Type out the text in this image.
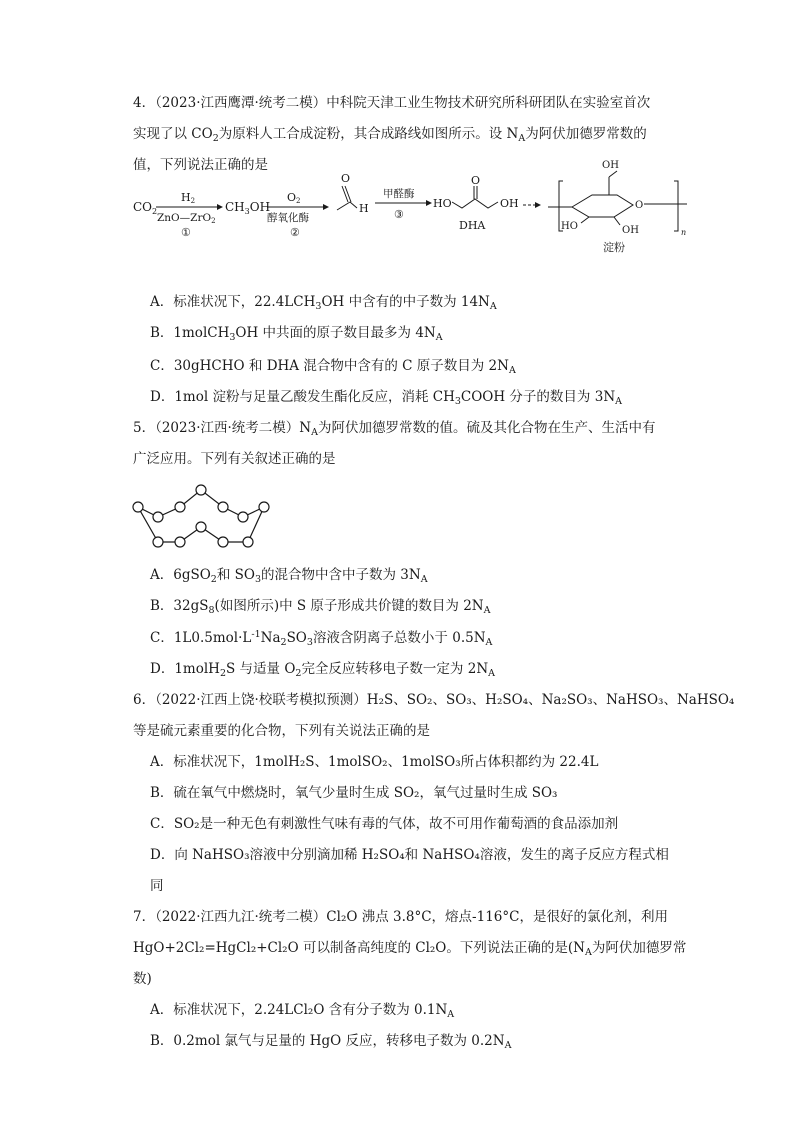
4．（2023·江西鹰潭·统考二模）中科院天津工业生物技术研究所科研团队在实验室首次
实现了以 $CO_2$为原料人工合成淀粉，其合成路线如图所示。设 $N_A$为阿伏加德罗常数的
值，下列说法正确的是
$CO_2$
H2
ZnO—ZrO2
①
$CH_3OH$
O2
醇氧化酶
②
O
H
甲醛酶
③
HO
O
OH
DHA
OH
O
HO	OH	n
淀粉
A．标准状况下，$22.4LCH_3OH$ 中含有的中子数为 $14N_A$
B．1molCH$_3$OH 中共面的原子数目最多为 $4N_A$
C．30gHCHO 和 DHA 混合物中含有的 C 原子数目为 $2N_A$
D．1mol 淀粉与足量乙酸发生酯化反应，消耗 $CH_3COOH$ 分子的数目为 $3N_A$
5．（2023·江西·统考二模）$N_A$为阿伏加德罗常数的值。硫及其化合物在生产、生活中有
广泛应用。下列有关叙述正确的是
A．6gSO$_2$和 $SO_3$的混合物中含中子数为 $3N_A$
B．$32gS_8$(如图所示)中 S 原子形成共价键的数目为 $2N_A$
C．$1L0.5mol\cdot L^{-1}Na_2SO_3$溶液含阴离子总数小于 $0.5N_A$
D．1molH$_2$S 与适量 $O_2$完全反应转移电子数一定为 $2N_A$
6．（2022·江西上饶·校联考模拟预测）H₂S、SO₂、SO₃、H₂SO₄、Na₂SO₃、NaHSO₃、NaHSO₄
等是硫元素重要的化合物，下列有关说法正确的是
A．标准状况下，1molH₂S、1molSO₂、1molSO₃所占体积都约为 22.4L
B．硫在氧气中燃烧时，氧气少量时生成 SO₂，氧气过量时生成 SO₃
C．SO₂是一种无色有刺激性气味有毒的气体，故不可用作葡萄酒的食品添加剂
D．向 NaHSO₃溶液中分别滴加稀 H₂SO₄和 NaHSO₄溶液，发生的离子反应方程式相
同
7．（2022·江西九江·统考二模）Cl₂O 沸点 3.8°C，熔点-116°C，是很好的氯化剂，利用
HgO+2Cl₂=HgCl₂+Cl₂O 可以制备高纯度的 Cl₂O。下列说法正确的是($N_A$为阿伏加德罗常
数)
A．标准状况下，2.24LCl₂O 含有分子数为 $0.1N_A$
B．0.2mol 氯气与足量的 HgO 反应，转移电子数为 $0.2N_A$
